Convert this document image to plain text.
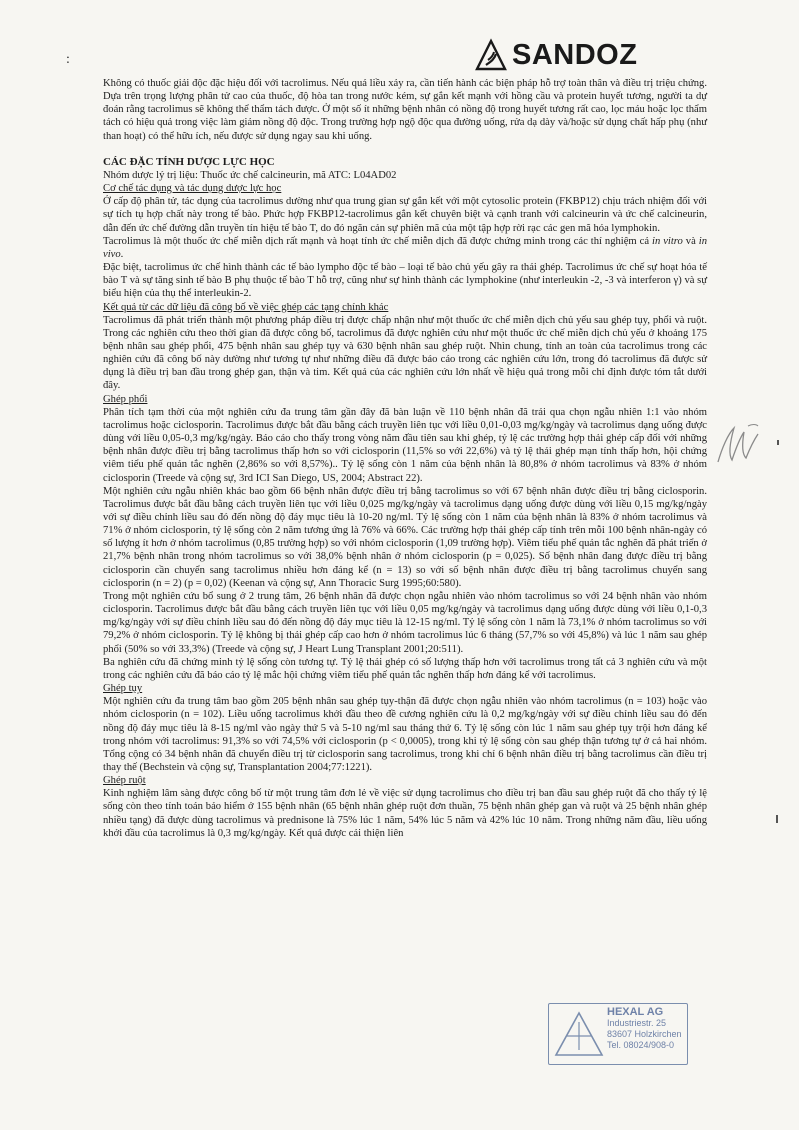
:	SANDOZ

Không có thuốc giải độc đặc hiệu đối với tacrolimus. Nếu quá liều xảy ra, cần tiến hành các biện pháp hỗ trợ toàn thân và điều trị triệu chứng. Dựa trên trọng lượng phân tử cao của thuốc, độ hòa tan trong nước kém, sự gắn kết mạnh với hồng cầu và protein huyết tương, người ta dự đoán rằng tacrolimus sẽ không thể thẩm tách được. Ở một số ít những bệnh nhân có nồng độ trong huyết tương rất cao, lọc máu hoặc lọc thẩm tách có hiệu quả trong việc làm giảm nồng độ độc. Trong trường hợp ngộ độc qua đường uống, rửa dạ dày và/hoặc sử dụng chất hấp phụ (như than hoạt) có thể hữu ích, nếu được sử dụng ngay sau khi uống.

CÁC ĐẶC TÍNH DƯỢC LỰC HỌC

Nhóm dược lý trị liệu: Thuốc ức chế calcineurin, mã ATC: L04AD02

Cơ chế tác dụng và tác dụng dược lực học

Ở cấp độ phân tử, tác dụng của tacrolimus dường như qua trung gian sự gắn kết với một cytosolic protein (FKBP12) chịu trách nhiệm đối với sự tích tụ hợp chất này trong tế bào. Phức hợp FKBP12-tacrolimus gắn kết chuyên biệt và cạnh tranh với calcineurin và ức chế calcineurin, dẫn đến ức chế đường dẫn truyền tín hiệu tế bào T, do đó ngăn cản sự phiên mã của một tập hợp rời rạc các gen mã hóa lymphokin.

Tacrolimus là một thuốc ức chế miễn dịch rất mạnh và hoạt tính ức chế miễn dịch đã được chứng minh trong các thí nghiệm cả in vitro và in vivo.

Đặc biệt, tacrolimus ức chế hình thành các tế bào lympho độc tế bào – loại tế bào chủ yếu gây ra thải ghép. Tacrolimus ức chế sự hoạt hóa tế bào T và sự tăng sinh tế bào B phụ thuộc tế bào T hỗ trợ, cũng như sự hình thành các lymphokine (như interleukin -2, -3 và interferon γ) và sự biểu hiện của thụ thể interleukin-2.

Kết quả từ các dữ liệu đã công bố về việc ghép các tạng chính khác

Tacrolimus đã phát triển thành một phương pháp điều trị được chấp nhận như một thuốc ức chế miễn dịch chủ yếu sau ghép tụy, phổi và ruột. Trong các nghiên cứu theo thời gian đã được công bố, tacrolimus đã được nghiên cứu như một thuốc ức chế miễn dịch chủ yếu ở khoảng 175 bệnh nhân sau ghép phổi, 475 bệnh nhân sau ghép tụy và 630 bệnh nhân sau ghép ruột. Nhìn chung, tính an toàn của tacrolimus trong các nghiên cứu đã công bố này dường như tương tự như những điều đã được báo cáo trong các nghiên cứu lớn, trong đó tacrolimus đã được sử dụng là điều trị ban đầu trong ghép gan, thận và tim. Kết quả của các nghiên cứu lớn nhất về hiệu quả trong mỗi chỉ định được tóm tắt dưới đây.

Ghép phổi

Phân tích tạm thời của một nghiên cứu đa trung tâm gần đây đã bàn luận về 110 bệnh nhân đã trải qua chọn ngẫu nhiên 1:1 vào nhóm tacrolimus hoặc ciclosporin. Tacrolimus được bắt đầu bằng cách truyền liên tục với liều 0,01-0,03 mg/kg/ngày và tacrolimus dạng uống được dùng với liều 0,05-0,3 mg/kg/ngày. Báo cáo cho thấy trong vòng năm đầu tiên sau khi ghép, tỷ lệ các trường hợp thải ghép cấp đối với những bệnh nhân được điều trị bằng tacrolimus thấp hơn so với ciclosporin (11,5% so với 22,6%) và tỷ lệ thải ghép mạn tính thấp hơn, hội chứng viêm tiểu phế quản tắc nghẽn (2,86% so với 8,57%).. Tỷ lệ sống còn 1 năm của bệnh nhân là 80,8% ở nhóm tacrolimus và 83% ở nhóm ciclosporin (Treede và cộng sự, 3rd ICI San Diego, US, 2004; Abstract 22).

Một nghiên cứu ngẫu nhiên khác bao gồm 66 bệnh nhân được điều trị bằng tacrolimus so với 67 bệnh nhân được điều trị bằng ciclosporin. Tacrolimus được bắt đầu bằng cách truyền liên tục với liều 0,025 mg/kg/ngày và tacrolimus dạng uống được dùng với liều 0,15 mg/kg/ngày với sự điều chỉnh liều sau đó đến nồng độ đáy mục tiêu là 10-20 ng/ml. Tỷ lệ sống còn 1 năm của bệnh nhân là 83% ở nhóm tacrolimus và 71% ở nhóm ciclosporin, tỷ lệ sống còn 2 năm tương ứng là 76% và 66%. Các trường hợp thải ghép cấp tính trên mỗi 100 bệnh nhân-ngày có số lượng ít hơn ở nhóm tacrolimus (0,85 trường hợp) so với nhóm ciclosporin (1,09 trường hợp). Viêm tiểu phế quản tắc nghẽn đã phát triển ở 21,7% bệnh nhân trong nhóm tacrolimus so với 38,0% bệnh nhân ở nhóm ciclosporin (p = 0,025). Số bệnh nhân đang được điều trị bằng ciclosporin cần chuyển sang tacrolimus nhiều hơn đáng kể (n = 13) so với số bệnh nhân được điều trị bằng tacrolimus chuyển sang ciclosporin (n = 2) (p = 0,02) (Keenan và cộng sự, Ann Thoracic Surg 1995;60:580).

Trong một nghiên cứu bổ sung ở 2 trung tâm, 26 bệnh nhân đã được chọn ngẫu nhiên vào nhóm tacrolimus so với 24 bệnh nhân vào nhóm ciclosporin. Tacrolimus được bắt đầu bằng cách truyền liên tục với liều 0,05 mg/kg/ngày và tacrolimus dạng uống được dùng với liều 0,1-0,3 mg/kg/ngày với sự điều chỉnh liều sau đó đến nồng độ đáy mục tiêu là 12-15 ng/ml. Tỷ lệ sống còn 1 năm là 73,1% ở nhóm tacrolimus so với 79,2% ở nhóm ciclosporin. Tỷ lệ không bị thải ghép cấp cao hơn ở nhóm tacrolimus lúc 6 tháng (57,7% so với 45,8%) và lúc 1 năm sau ghép phổi (50% so với 33,3%) (Treede và cộng sự, J Heart Lung Transplant 2001;20:511).

Ba nghiên cứu đã chứng minh tỷ lệ sống còn tương tự. Tỷ lệ thải ghép có số lượng thấp hơn với tacrolimus trong tất cả 3 nghiên cứu và một trong các nghiên cứu đã báo cáo tỷ lệ mắc hội chứng viêm tiểu phế quản tắc nghẽn thấp hơn đáng kể với tacrolimus.

Ghép tụy

Một nghiên cứu đa trung tâm bao gồm 205 bệnh nhân sau ghép tụy-thận đã được chọn ngẫu nhiên vào nhóm tacrolimus (n = 103) hoặc vào nhóm ciclosporin (n = 102). Liều uống tacrolimus khởi đầu theo đề cương nghiên cứu là 0,2 mg/kg/ngày với sự điều chỉnh liều sau đó đến nồng độ đáy mục tiêu là 8-15 ng/ml vào ngày thứ 5 và 5-10 ng/ml sau tháng thứ 6. Tỷ lệ sống còn lúc 1 năm sau ghép tụy trội hơn đáng kể trong nhóm với tacrolimus: 91,3% so với 74,5% với ciclosporin (p < 0,0005), trong khi tỷ lệ sống còn sau ghép thận tương tự ở cả hai nhóm. Tổng cộng có 34 bệnh nhân đã chuyển điều trị từ ciclosporin sang tacrolimus, trong khi chỉ 6 bệnh nhân điều trị bằng tacrolimus cần điều trị thay thế (Bechstein và cộng sự, Transplantation 2004;77:1221).

Ghép ruột

Kinh nghiệm lâm sàng được công bố từ một trung tâm đơn lẻ về việc sử dụng tacrolimus cho điều trị ban đầu sau ghép ruột đã cho thấy tỷ lệ sống còn theo tính toán bảo hiểm ở 155 bệnh nhân (65 bệnh nhân ghép ruột đơn thuần, 75 bệnh nhân ghép gan và ruột và 25 bệnh nhân ghép nhiều tạng) đã được dùng tacrolimus và prednisone là 75% lúc 1 năm, 54% lúc 5 năm và 42% lúc 10 năm. Trong những năm đầu, liều uống khởi đầu của tacrolimus là 0,3 mg/kg/ngày. Kết quả được cải thiện liên

HEXAL AG
Industriestr. 25
83607 Holzkirchen
Tel. 08024/908-0
